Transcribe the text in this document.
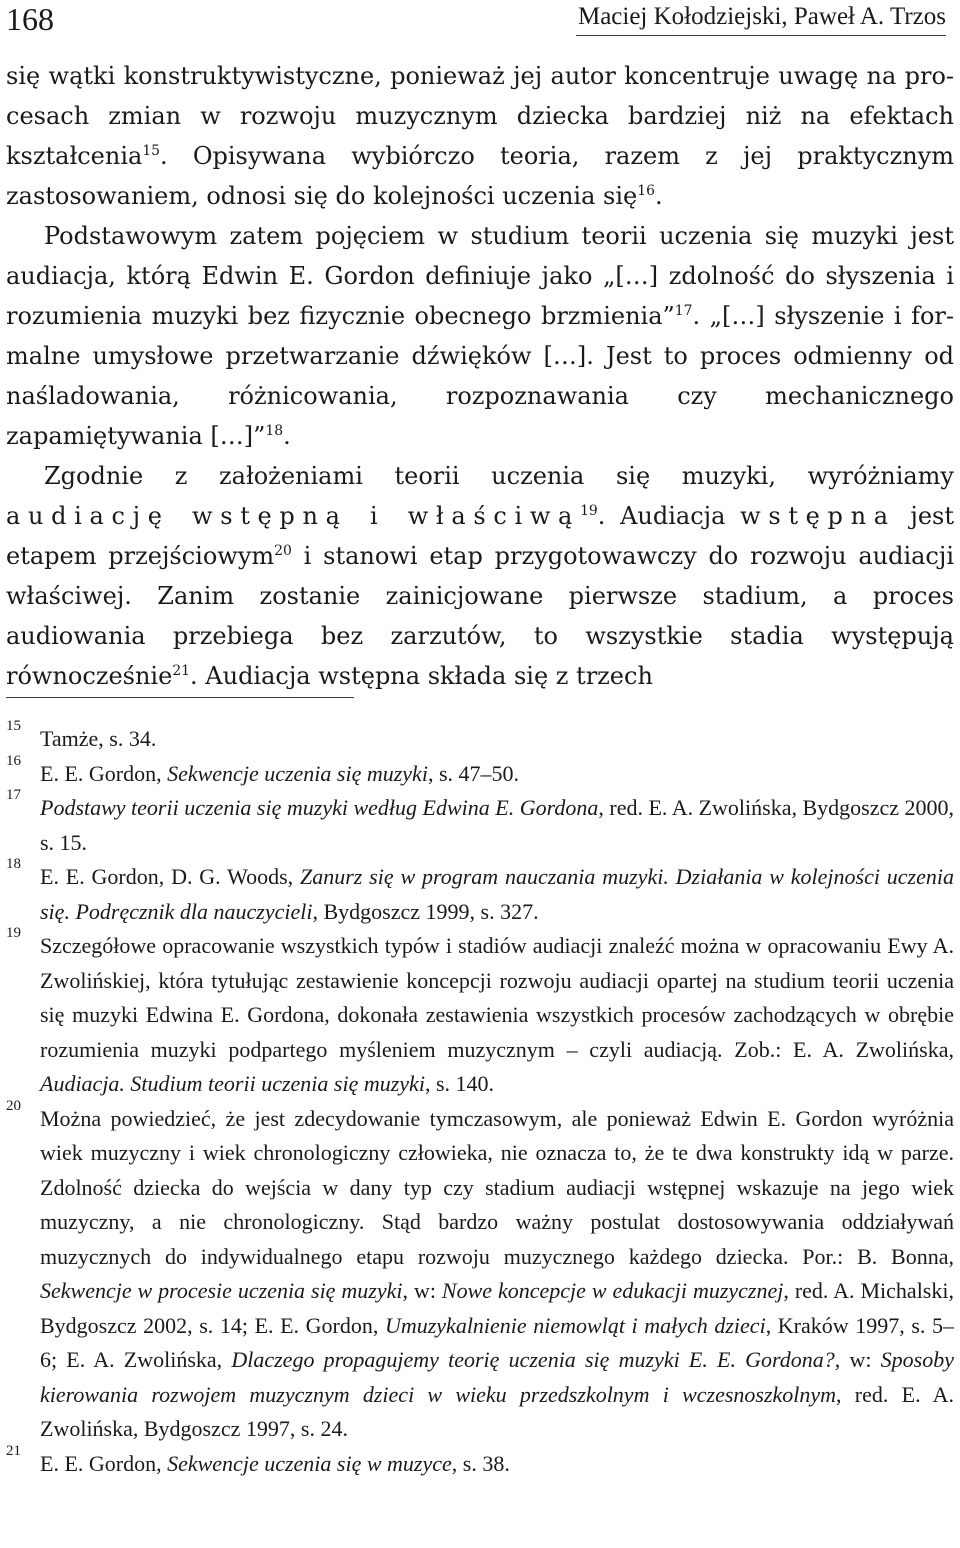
168	Maciej Kołodziejski, Paweł A. Trzos

się wątki konstruktywistyczne, ponieważ jej autor koncentruje uwagę na procesach zmian w rozwoju muzycznym dziecka bardziej niż na efektach kształcenia$^{15}$. Opisywana wybiórczo teoria, razem z jej praktycznym zastosowaniem, odnosi się do kolejności uczenia się$^{16}$.

Podstawowym zatem pojęciem w studium teorii uczenia się muzyki jest audiacja, którą Edwin E. Gordon definiuje jako „[…] zdolność do słyszenia i rozumienia muzyki bez fizycznie obecnego brzmienia”$^{17}$. „[…] słyszenie i formalne umysłowe przetwarzanie dźwięków […]. Jest to proces odmienny od naśladowania, różnicowania, rozpoznawania czy mechanicznego zapamiętywania […]”$^{18}$.

Zgodnie z założeniami teorii uczenia się muzyki, wyróżniamy audiację wstępną i właściwą$^{19}$. Audiacja wstępna jest etapem przejściowym$^{20}$ i stanowi etap przygotowawczy do rozwoju audiacji właściwej. Zanim zostanie zainicjowane pierwsze stadium, a proces audiowania przebiega bez zarzutów, to wszystkie stadia występują równocześnie$^{21}$. Audiacja wstępna składa się z trzech

15 Tamże, s. 34.
16 E. E. Gordon, Sekwencje uczenia się muzyki, s. 47–50.
17 Podstawy teorii uczenia się muzyki według Edwina E. Gordona, red. E. A. Zwolińska, Bydgoszcz 2000, s. 15.
18 E. E. Gordon, D. G. Woods, Zanurz się w program nauczania muzyki. Działania w kolejności uczenia się. Podręcznik dla nauczycieli, Bydgoszcz 1999, s. 327.
19 Szczegółowe opracowanie wszystkich typów i stadiów audiacji znaleźć można w opracowaniu Ewy A. Zwolińskiej, która tytułując zestawienie koncepcji rozwoju audiacji opartej na studium teorii uczenia się muzyki Edwina E. Gordona, dokonała zestawienia wszystkich procesów zachodzących w obrębie rozumienia muzyki podpartego myśleniem muzycznym – czyli audiacją. Zob.: E. A. Zwolińska, Audiacja. Studium teorii uczenia się muzyki, s. 140.
20 Można powiedzieć, że jest zdecydowanie tymczasowym, ale ponieważ Edwin E. Gordon wyróżnia wiek muzyczny i wiek chronologiczny człowieka, nie oznacza to, że te dwa konstrukty idą w parze. Zdolność dziecka do wejścia w dany typ czy stadium audiacji wstępnej wskazuje na jego wiek muzyczny, a nie chronologiczny. Stąd bardzo ważny postulat dostosowywania oddziaływań muzycznych do indywidualnego etapu rozwoju muzycznego każdego dziecka. Por.: B. Bonna, Sekwencje w procesie uczenia się muzyki, w: Nowe koncepcje w edukacji muzycznej, red. A. Michalski, Bydgoszcz 2002, s. 14; E. E. Gordon, Umuzykalnienie niemowląt i małych dzieci, Kraków 1997, s. 5–6; E. A. Zwolińska, Dlaczego propagujemy teorię uczenia się muzyki E. E. Gordona?, w: Sposoby kierowania rozwojem muzycznym dzieci w wieku przedszkolnym i wczesnoszkolnym, red. E. A. Zwolińska, Bydgoszcz 1997, s. 24.
21 E. E. Gordon, Sekwencje uczenia się w muzyce, s. 38.
